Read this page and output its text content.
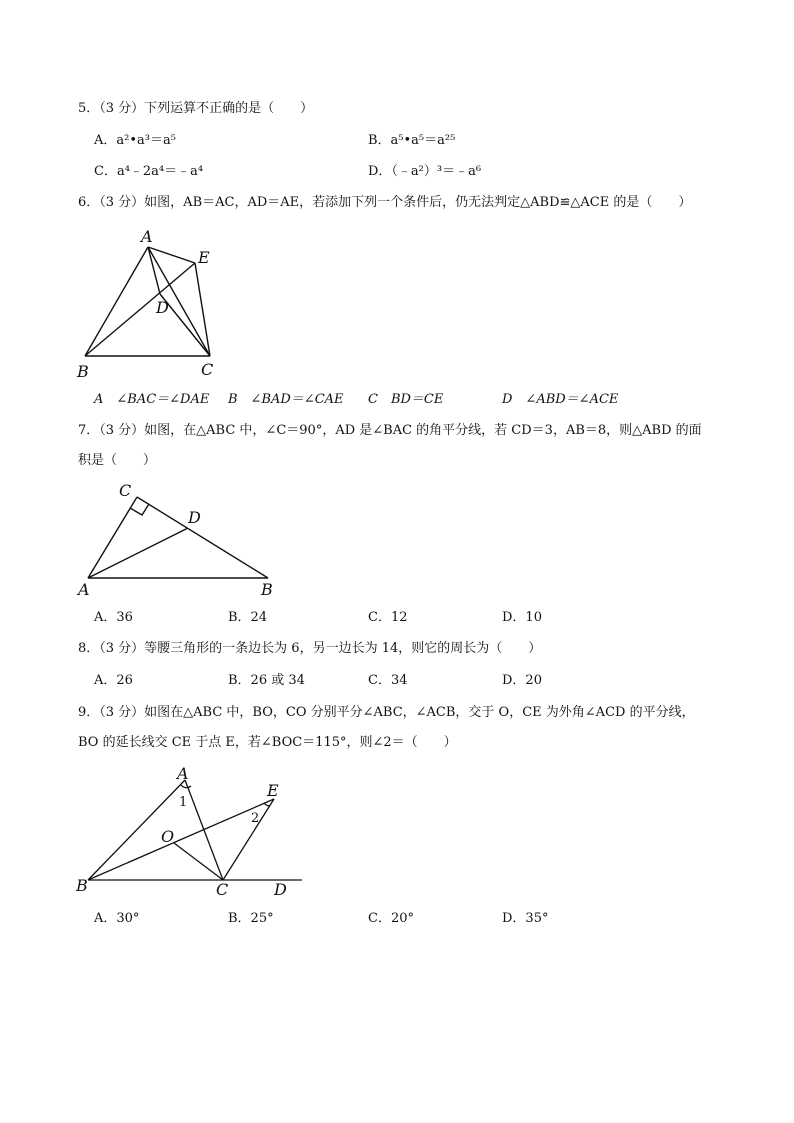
5．（3 分）下列运算不正确的是（　　）
A．a²•a³＝a⁵	B．a⁵•a⁵＝a²⁵
C．a⁴﹣2a⁴＝﹣a⁴	D．（﹣a²）³＝﹣a⁶
6．（3 分）如图，AB＝AC，AD＝AE，若添加下列一个条件后，仍无法判定△ABD≌△ACE 的是（　　）
A
E
D
B	C
A　∠BAC＝∠DAE B　∠BAD＝∠CAE C　BD＝CE	D　∠ABD＝∠ACE
7．（3 分）如图，在△ABC 中，∠C＝90°，AD 是∠BAC 的角平分线，若 CD＝3，AB＝8，则△ABD 的面
积是（　　）
C
D
A	B
A．36	B．24	C．12	D．10
8．（3 分）等腰三角形的一条边长为 6，另一边长为 14，则它的周长为（　　）
A．26	B．26 或 34	C．34	D．20
9．（3 分）如图在△ABC 中，BO，CO 分别平分∠ABC，∠ACB，交于 O，CE 为外角∠ACD 的平分线，
BO 的延长线交 CE 于点 E，若∠BOC＝115°，则∠2＝（　　）
A
1
E
2
O
B	C	D
A．30°	B．25°	C．20°	D．35°
